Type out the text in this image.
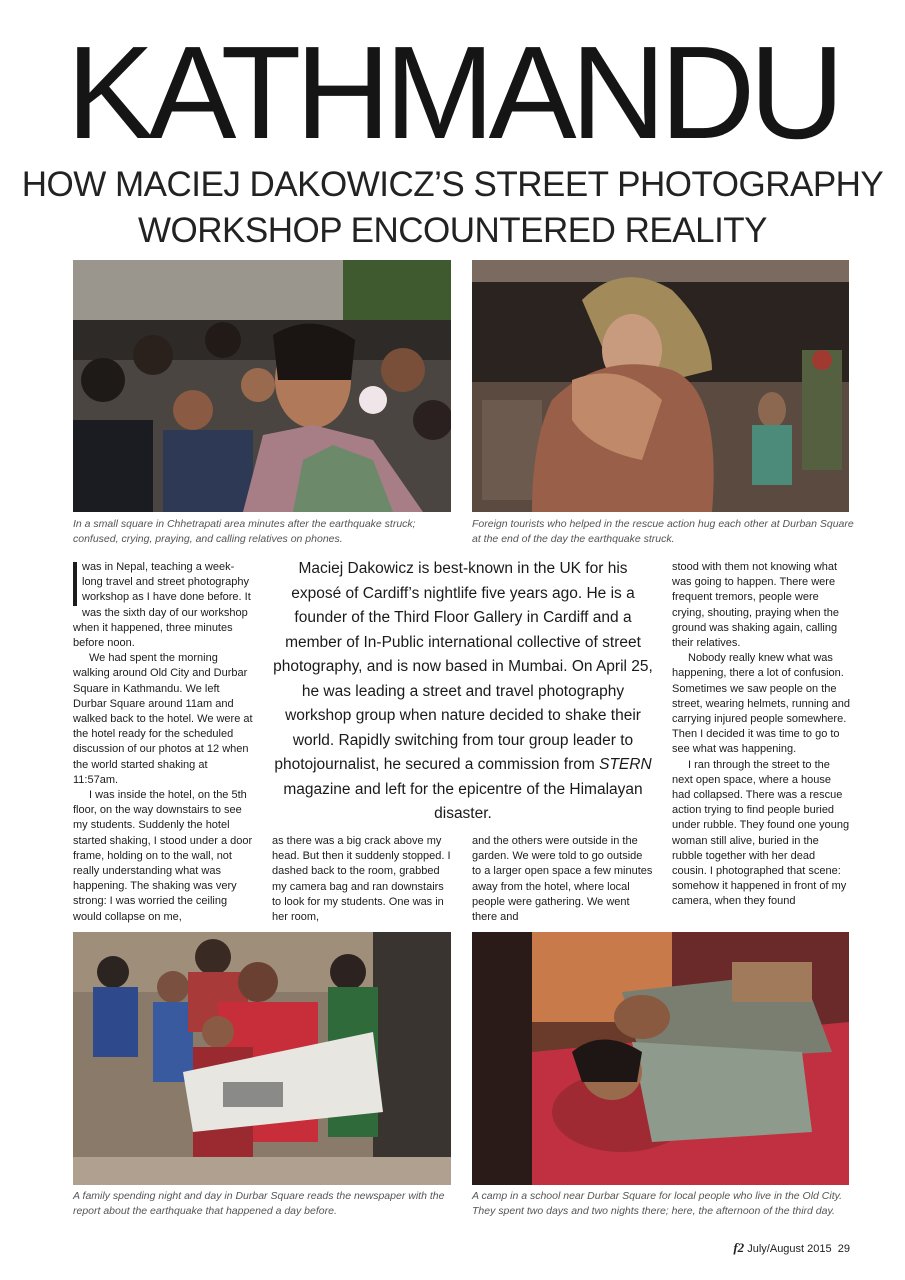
KATHMANDU
HOW MACIEJ DAKOWICZ’S STREET PHOTOGRAPHY
WORKSHOP ENCOUNTERED REALITY
In a small square in Chhetrapati area minutes after the earthquake struck; confused, crying, praying, and calling relatives on phones.
Foreign tourists who helped in the rescue action hug each other at Durban Square at the end of the day the earthquake struck.
A family spending night and day in Durbar Square reads the newspaper with the report about the earthquake that happened a day before.
A camp in a school near Durbar Square for local people who live in the Old City. They spent two days and two nights there; here, the afternoon of the third day.

was in Nepal, teaching a week-long travel and street photography workshop as I have done before. It was the sixth day of our workshop when it happened, three minutes before noon.

We had spent the morning walking around Old City and Durbar Square in Kathmandu. We left Durbar Square around 11am and walked back to the hotel. We were at the hotel ready for the scheduled discussion of our photos at 12 when the world started shaking at 11:57am.

I was inside the hotel, on the 5th floor, on the way downstairs to see my students. Suddenly the hotel started shaking, I stood under a door frame, holding on to the wall, not really understanding what was happening. The shaking was very strong: I was worried the ceiling would collapse on me,

Maciej Dakowicz is best-known in the UK for his exposé of Cardiff’s nightlife five years ago. He is a founder of the Third Floor Gallery in Cardiff and a member of In-Public international collective of street photography, and is now based in Mumbai. On April 25, he was leading a street and travel photography workshop group when nature decided to shake their world. Rapidly switching from tour group leader to photojournalist, he secured a commission from STERN magazine and left for the epicentre of the Himalayan disaster.

as there was a big crack above my head. But then it suddenly stopped. I dashed back to the room, grabbed my camera bag and ran downstairs to look for my students. One was in her room,

and the others were outside in the garden. We were told to go outside to a larger open space a few minutes away from the hotel, where local people were gathering. We went there and

stood with them not knowing what was going to happen. There were frequent tremors, people were crying, shouting, praying when the ground was shaking again, calling their relatives.

Nobody really knew what was happening, there a lot of confusion. Sometimes we saw people on the street, wearing helmets, running and carrying injured people somewhere. Then I decided it was time to go to see what was happening.

I ran through the street to the next open space, where a house had collapsed. There was a rescue action trying to find people buried under rubble. They found one young woman still alive, buried in the rubble together with her dead cousin. I photographed that scene: somehow it happened in front of my camera, when they found

f2 July/August 2015 29
